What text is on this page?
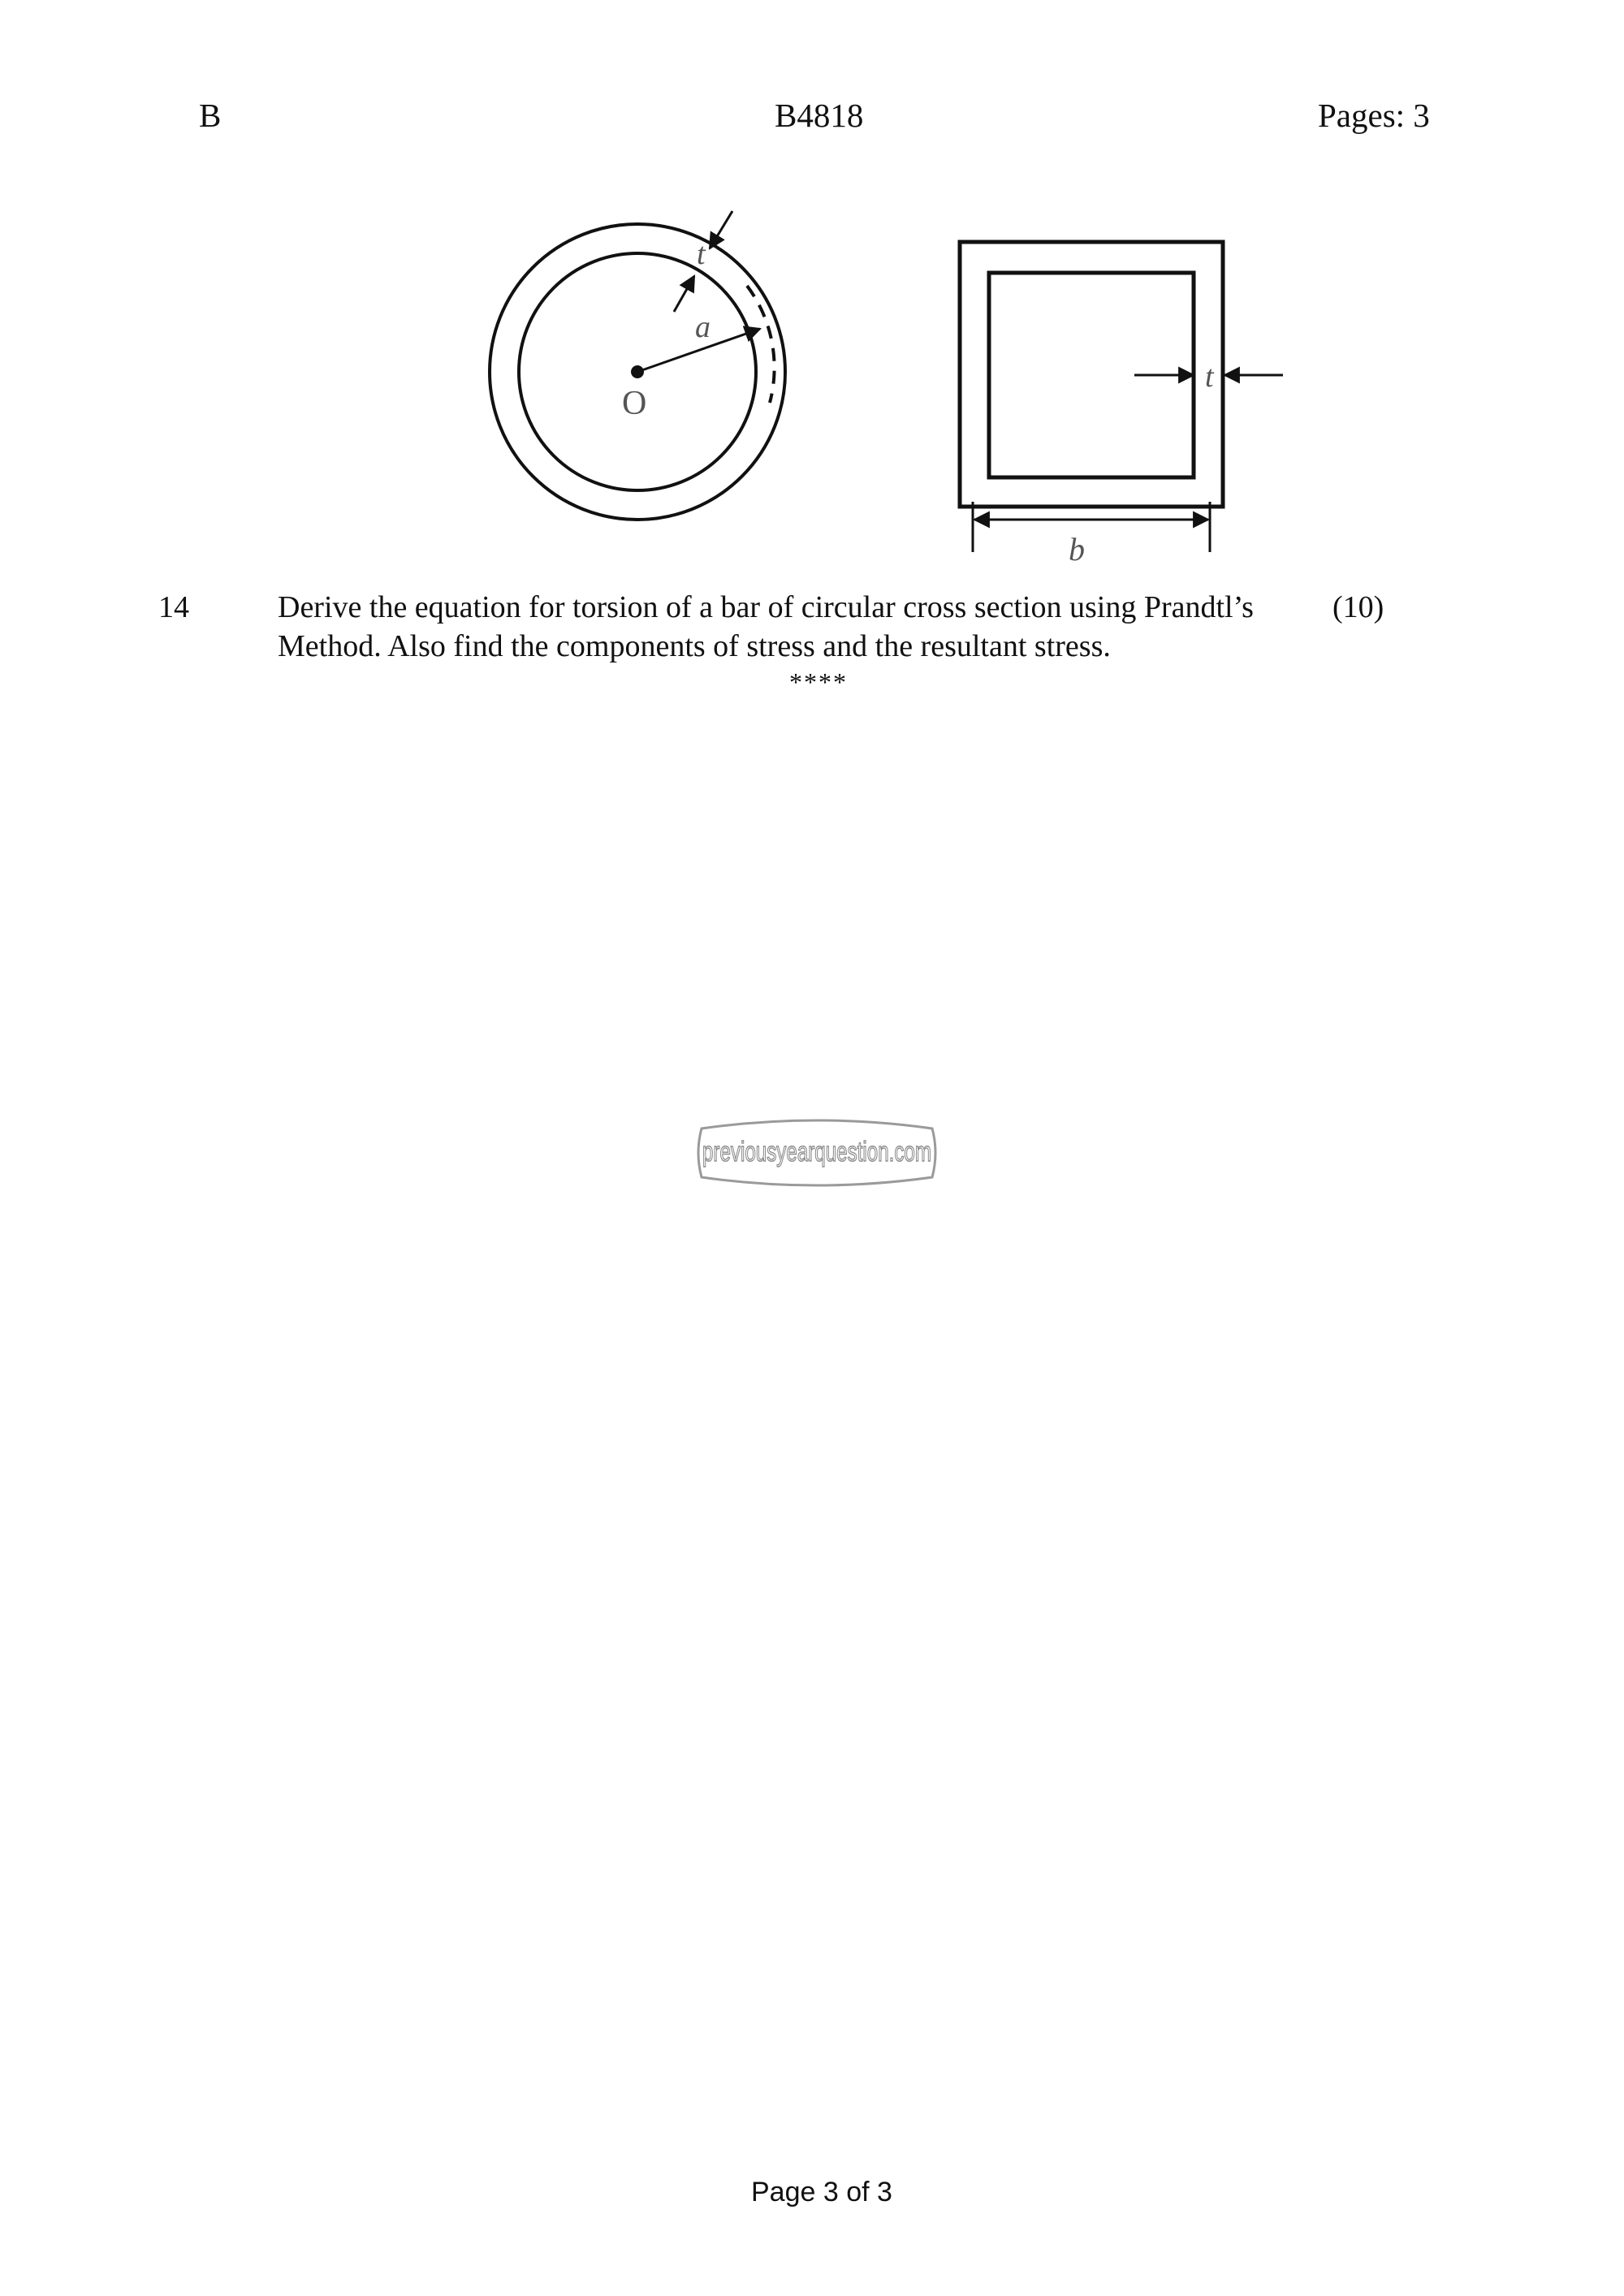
B	B4818	Pages: 3
t
a
O
t
b
14	Derive the equation for torsion of a bar of circular cross section using Prandtl’s
Method. Also find the components of stress and the resultant stress.
(10)
****
previousyearquestion.com
Page 3 of 3
